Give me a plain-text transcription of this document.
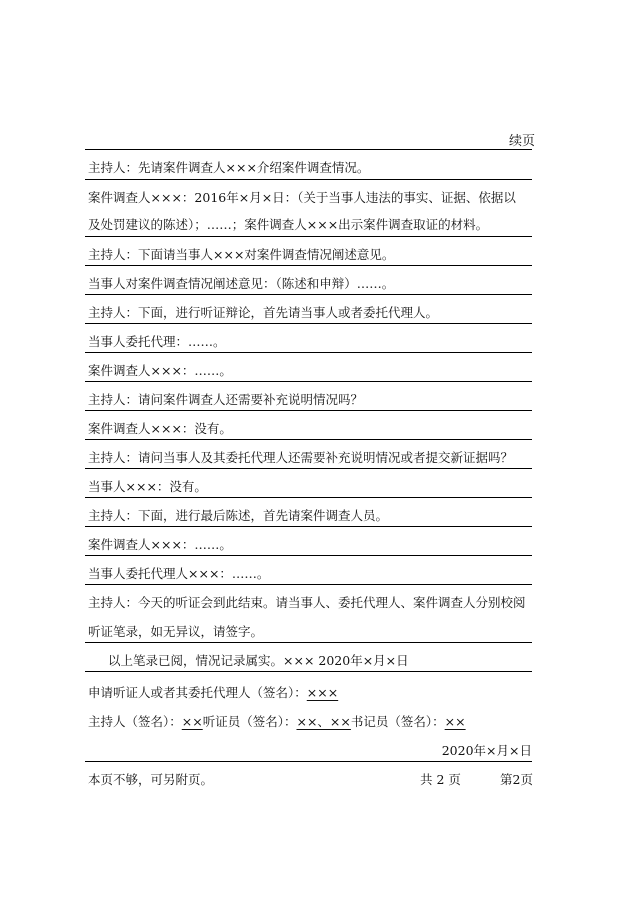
续页
主持人：先请案件调查人×××介绍案件调查情况。
案件调查人×××：2016年×月×日：（关于当事人违法的事实、证据、依据以
及处罚建议的陈述）；……；案件调查人×××出示案件调查取证的材料。
主持人：下面请当事人×××对案件调查情况阐述意见。
当事人对案件调查情况阐述意见：（陈述和申辩）……。
主持人：下面，进行听证辩论，首先请当事人或者委托代理人。
当事人委托代理：……。
案件调查人×××：……。
主持人：请问案件调查人还需要补充说明情况吗？
案件调查人×××：没有。
主持人：请问当事人及其委托代理人还需要补充说明情况或者提交新证据吗？
当事人×××：没有。
主持人：下面，进行最后陈述，首先请案件调查人员。
案件调查人×××：……。
当事人委托代理人×××：……。
主持人：今天的听证会到此结束。请当事人、委托代理人、案件调查人分别校阅
听证笔录，如无异议，请签字。
以上笔录已阅，情况记录属实。××× 2020年×月×日
申请听证人或者其委托代理人（签名）：×××
主持人（签名）：××听证员（签名）：××、××书记员（签名）：××
2020年×月×日
本页不够，可另附页。	共 2 页	第2页
